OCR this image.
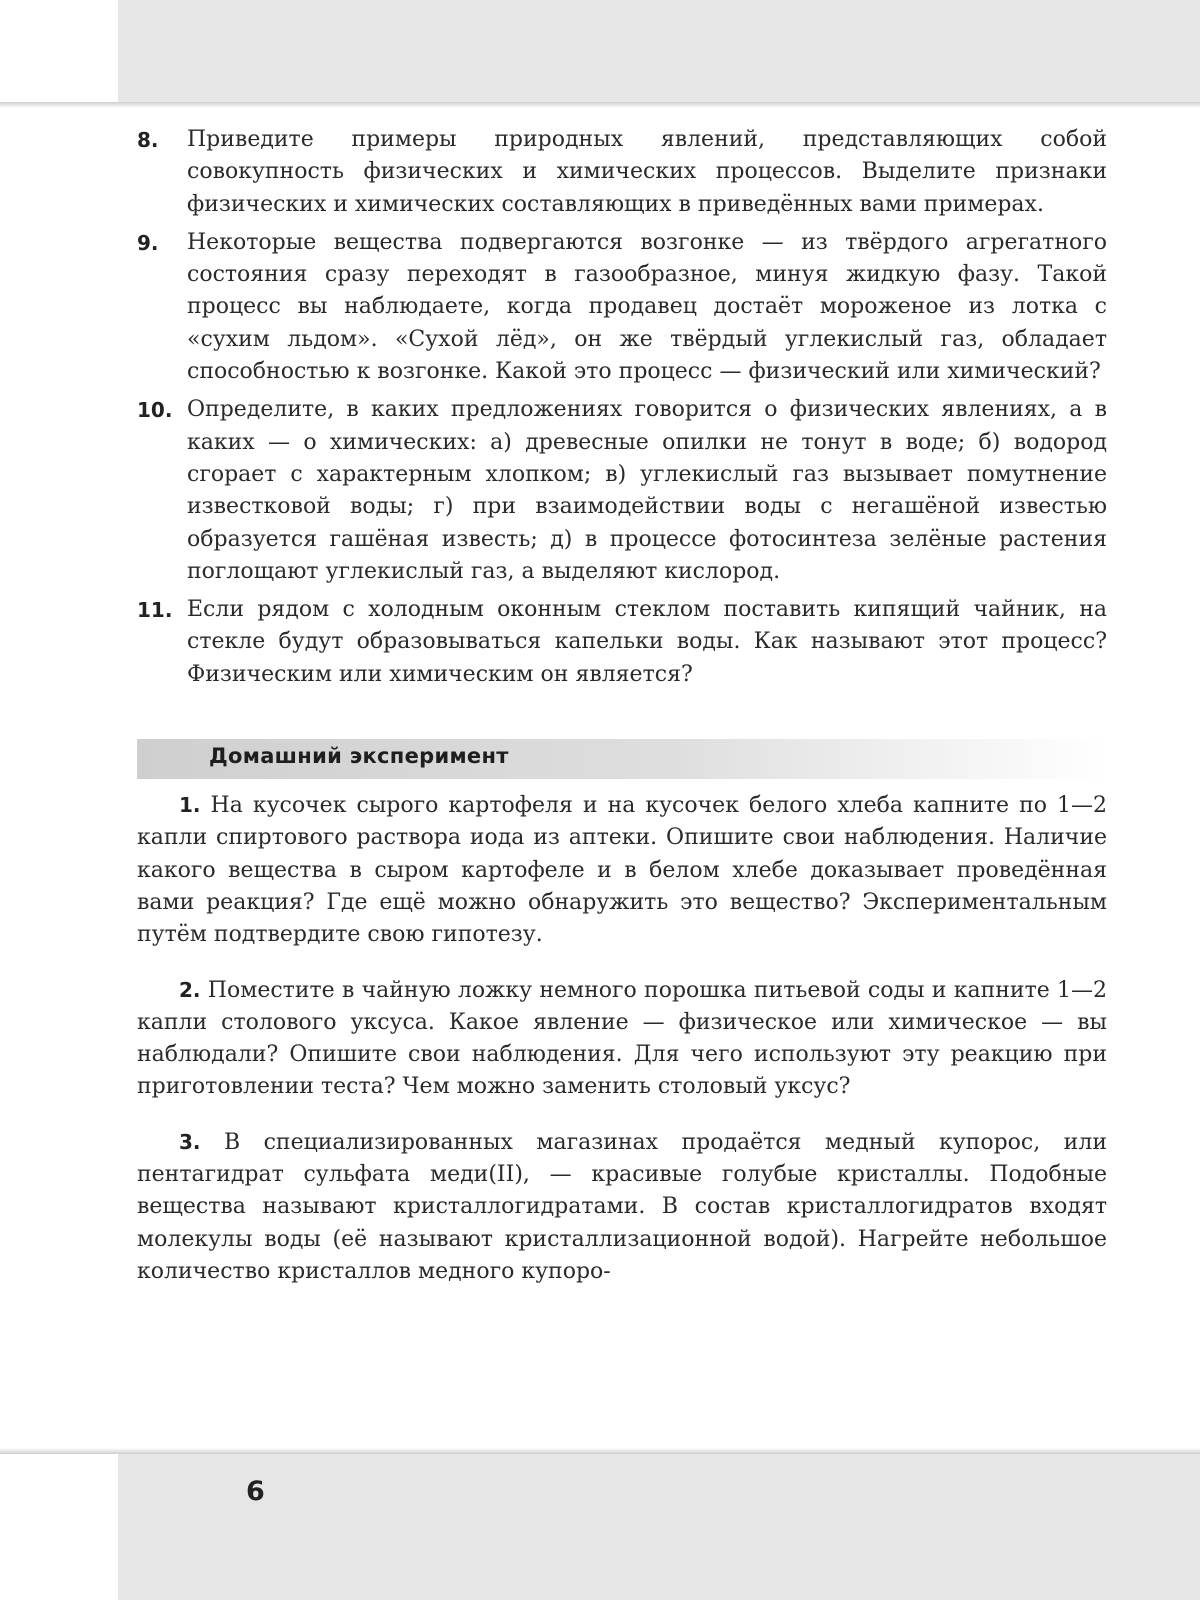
8. Приведите примеры природных явлений, представляющих собой совокупность физических и химических процессов. Выделите признаки физических и химических составляющих в приведённых вами примерах.
9. Некоторые вещества подвергаются возгонке — из твёрдого агрегатного состояния сразу переходят в газообразное, минуя жидкую фазу. Такой процесс вы наблюдаете, когда продавец достаёт мороженое из лотка с «сухим льдом». «Сухой лёд», он же твёрдый углекислый газ, обладает способностью к возгонке. Какой это процесс — физический или химический?
10. Определите, в каких предложениях говорится о физических явлениях, а в каких — о химических: а) древесные опилки не тонут в воде; б) водород сгорает с характерным хлопком; в) углекислый газ вызывает помутнение известковой воды; г) при взаимодействии воды с негашёной известью образуется гашёная известь; д) в процессе фотосинтеза зелёные растения поглощают углекислый газ, а выделяют кислород.
11. Если рядом с холодным оконным стеклом поставить кипящий чайник, на стекле будут образовываться капельки воды. Как называют этот процесс? Физическим или химическим он является?
Домашний эксперимент

1. На кусочек сырого картофеля и на кусочек белого хлеба капните по 1—2 капли спиртового раствора иода из аптеки. Опишите свои наблюдения. Наличие какого вещества в сыром картофеле и в белом хлебе доказывает проведённая вами реакция? Где ещё можно обнаружить это вещество? Экспериментальным путём подтвердите свою гипотезу.

2. Поместите в чайную ложку немного порошка питьевой соды и капните 1—2 капли столового уксуса. Какое явление — физическое или химическое — вы наблюдали? Опишите свои наблюдения. Для чего используют эту реакцию при приготовлении теста? Чем можно заменить столовый уксус?

3. В специализированных магазинах продаётся медный купорос, или пентагидрат сульфата меди(II), — красивые голубые кристаллы. Подобные вещества называют кристаллогидратами. В состав кристаллогидратов входят молекулы воды (её называют кристаллизационной водой). Нагрейте небольшое количество кристаллов медного купоро-

6
